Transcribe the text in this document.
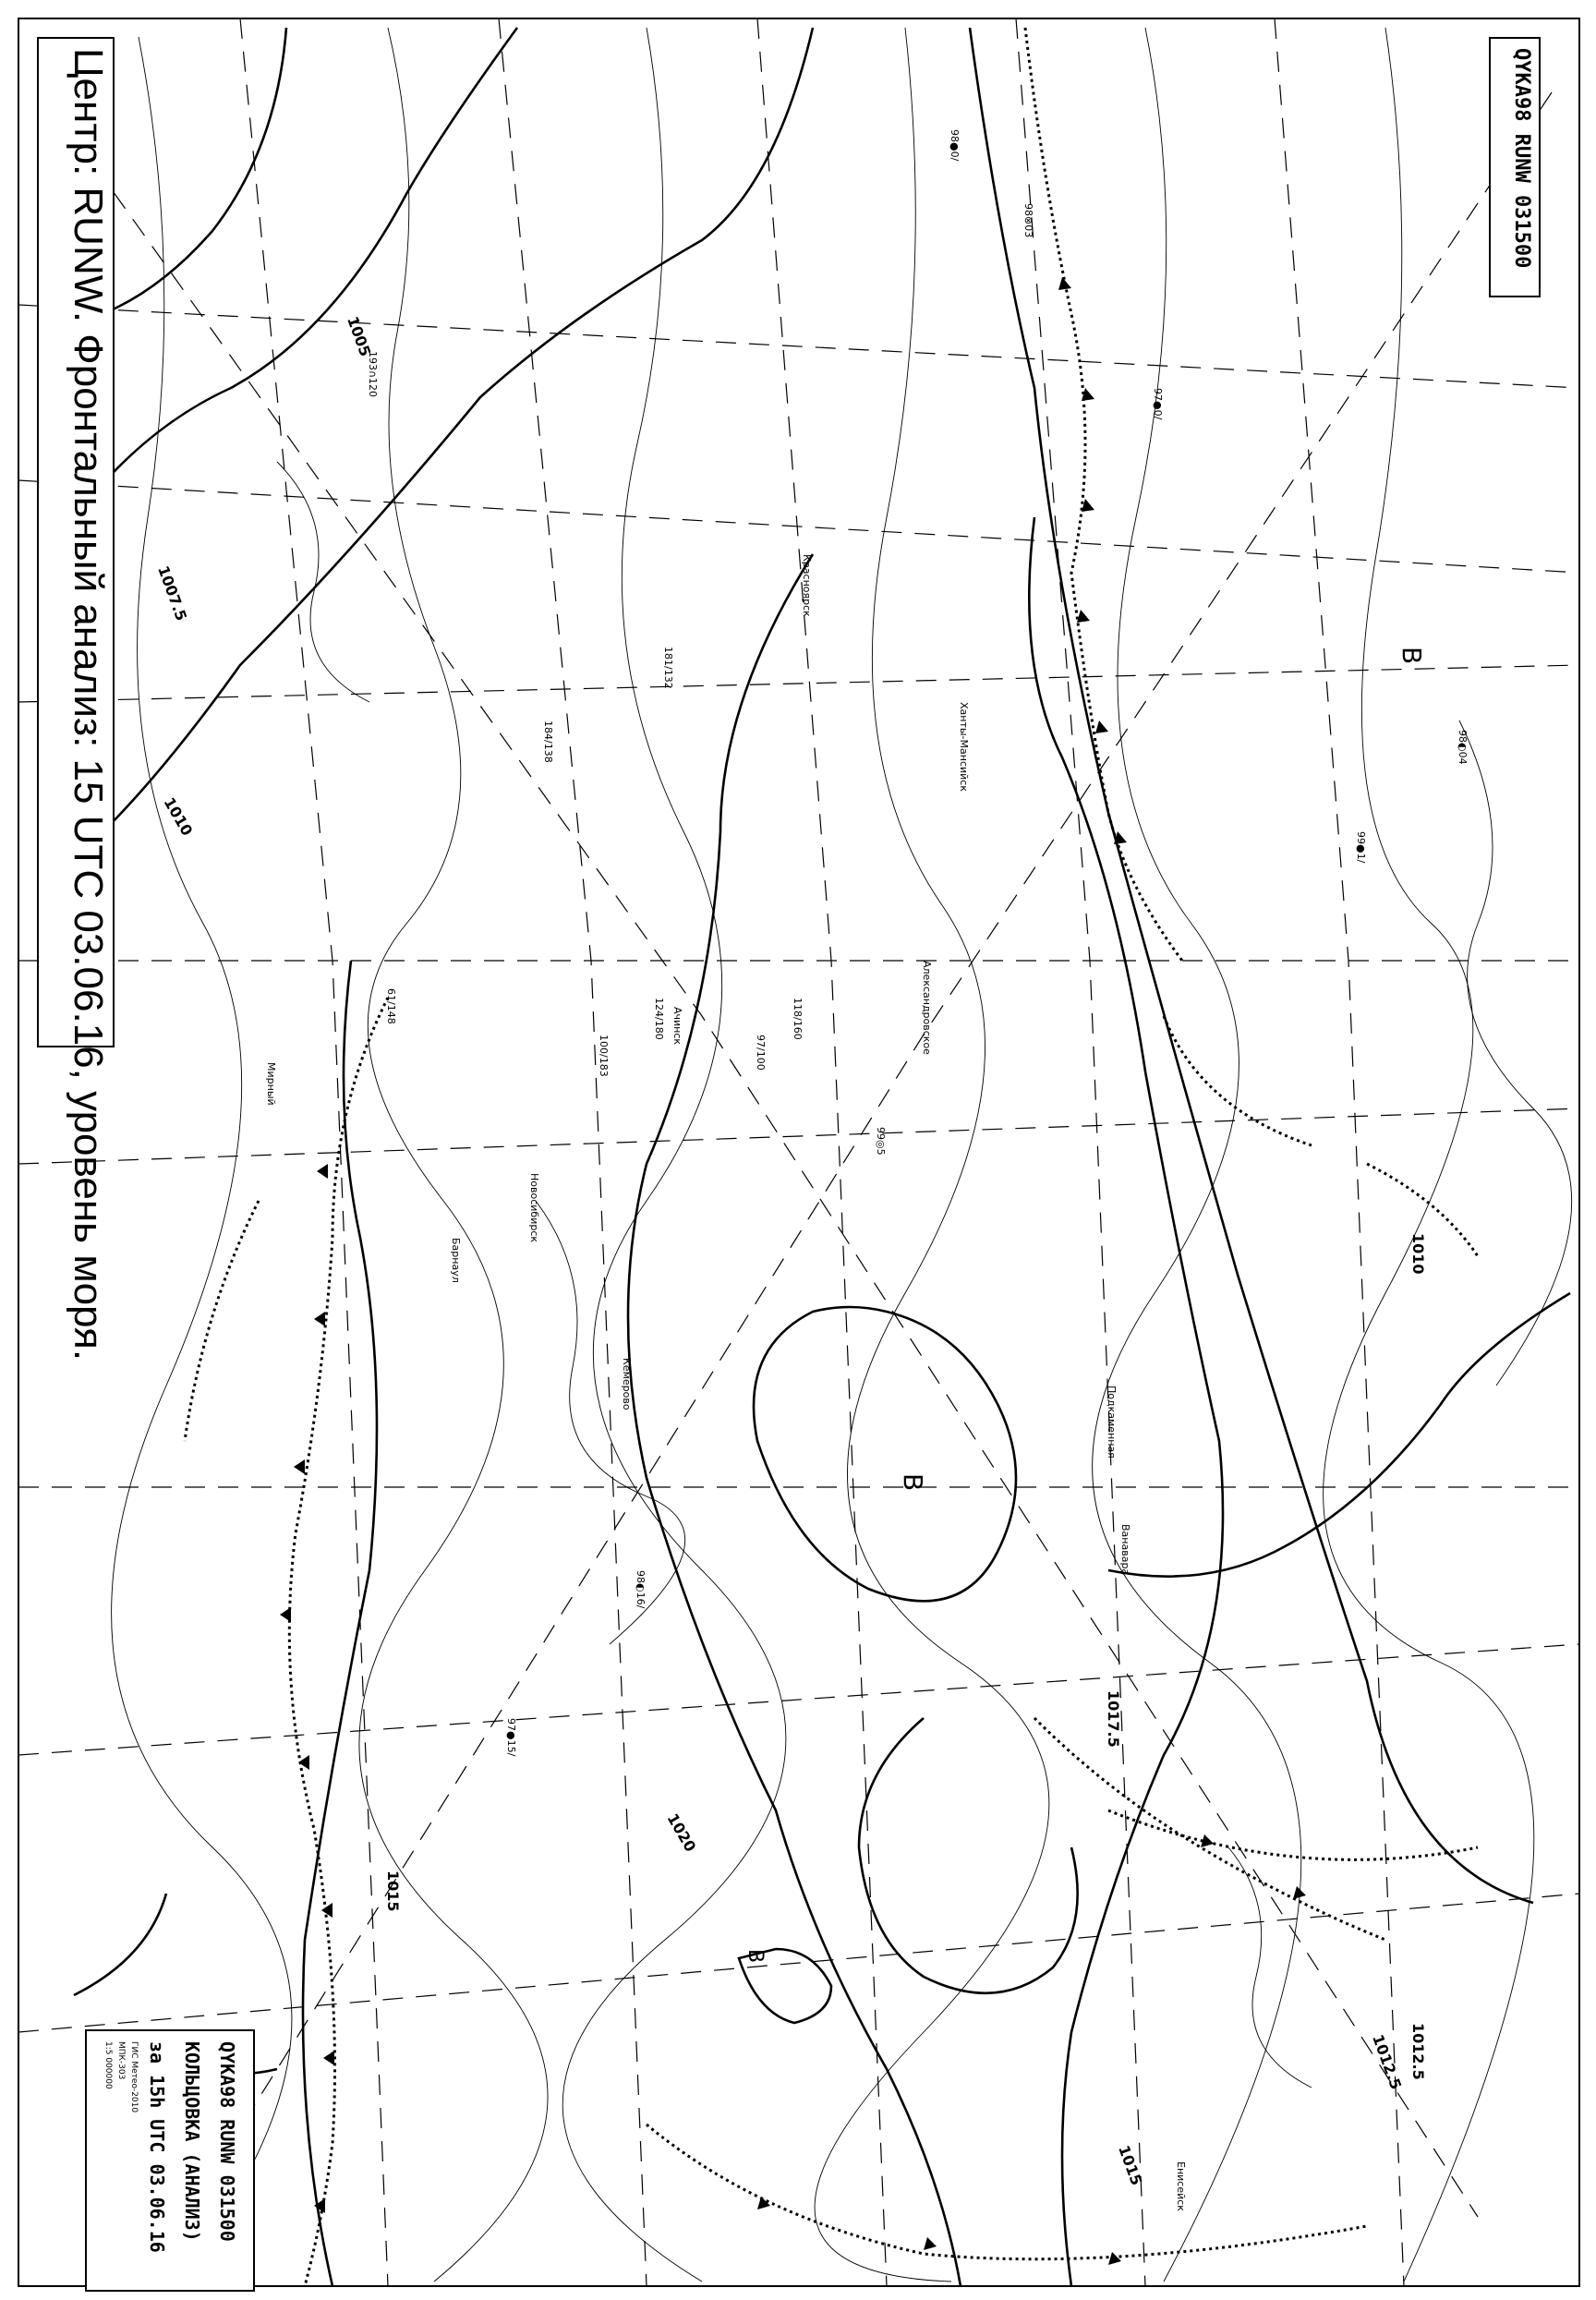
Центр: RUNW. Фронтальный анализ: 15 UTC 03.06.16, уровень моря.	QYKA98 RUNW 031500
1005
1007.5
1010
1012.5
1015
1017.5
1020
1010
1012.5
1015
B
B
B
Новосибирск
Барнаул
Ачинск
Красноярск
Александровское
Ханты-Мансийск
Подкаменная
Ванавара
Енисейск
Кемерово
Мирный
98●0/
97●0/
99●1/
98◐16/
99◎5
98◐04
97●15/
98⊗03
193∩120
181/132
184/138
124/180
100/183	97/100
118/160
61/148
QYKA98 RUNW 031500
КОЛЬЦОВКА (АНАЛИЗ)
за 15h UTC 03.06.16
ГИС Метео-2010
МПК-303
1:5 000000
